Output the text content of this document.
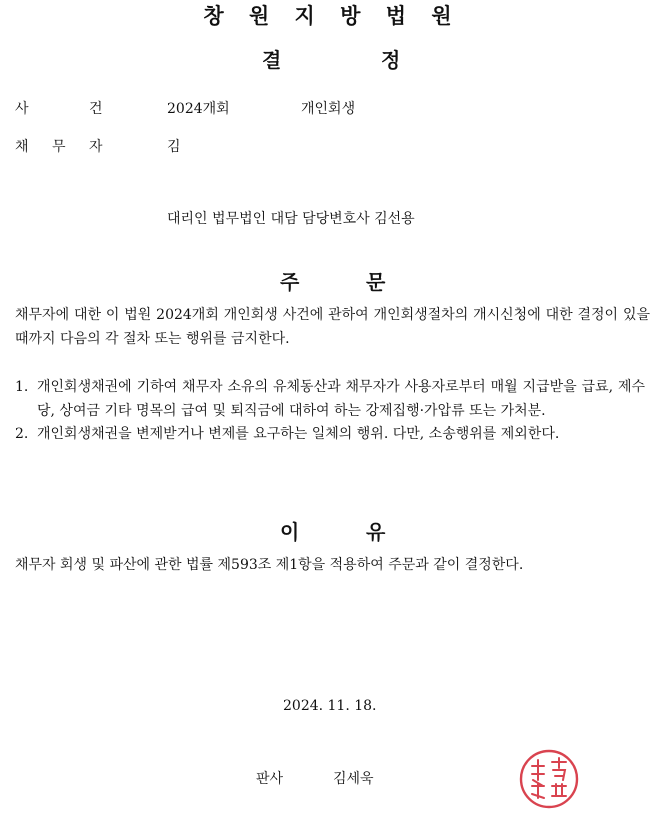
창 원 지 방 법 원
결	정
사	건	2024개회	개인회생
채 무 자	김
대리인 법무법인 대담 담당변호사 김선용
주	문
채무자에 대한 이 법원 2024개회 개인회생 사건에 관하여 개인회생절차의 개시신청에 대한 결정이 있을 때까지 다음의 각 절차 또는 행위를 금지한다.
1. 개인회생채권에 기하여 채무자 소유의 유체동산과 채무자가 사용자로부터 매월 지급받을 급료, 제수당, 상여금 기타 명목의 급여 및 퇴직금에 대하여 하는 강제집행·가압류 또는 가처분.
2. 개인회생채권을 변제받거나 변제를 요구하는 일체의 행위. 다만, 소송행위를 제외한다.
이	유
채무자 회생 및 파산에 관한 법률 제593조 제1항을 적용하여 주문과 같이 결정한다.
2024. 11. 18.
판사	김세욱
